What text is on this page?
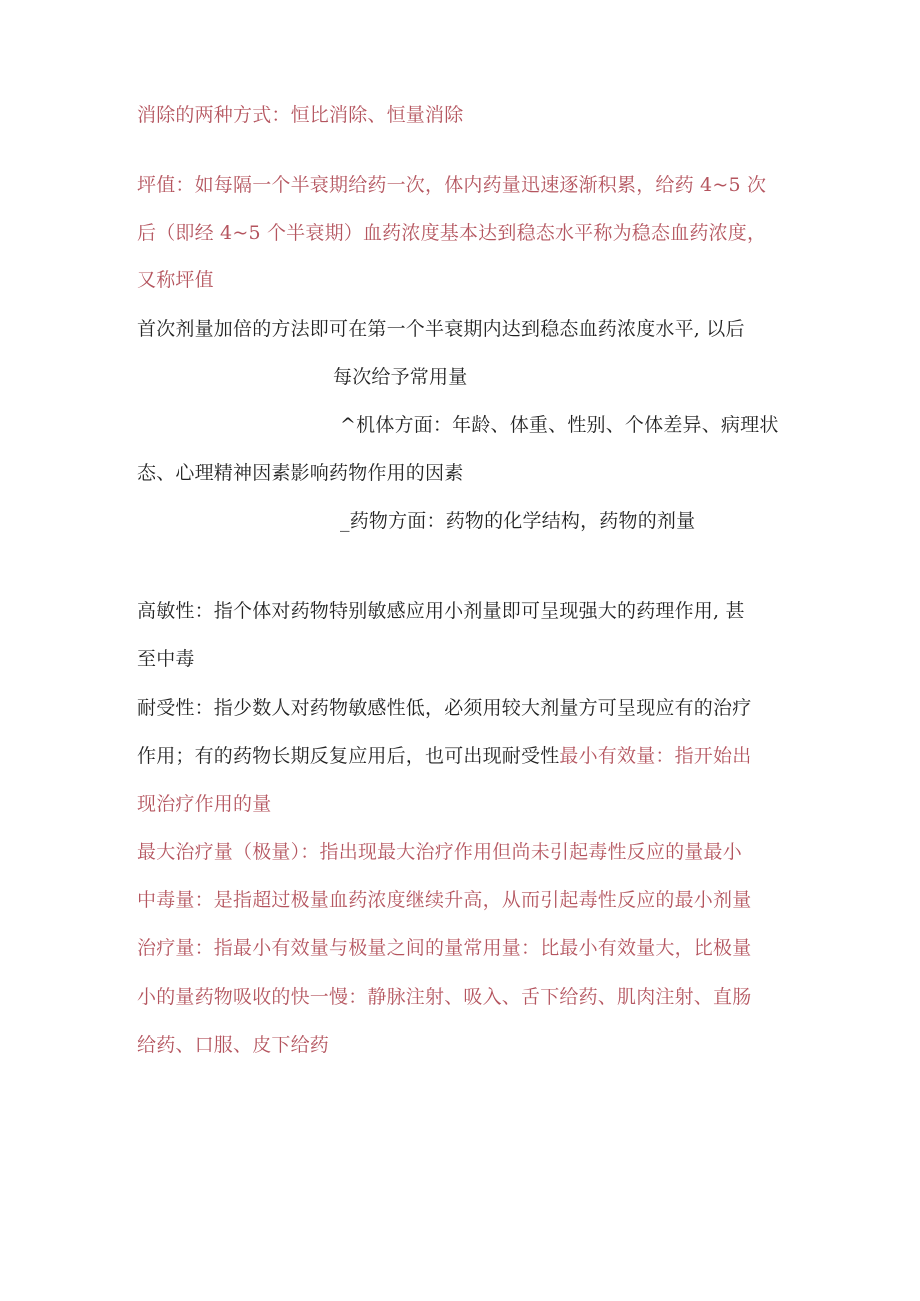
消除的两种方式：恒比消除、恒量消除
坪值：如每隔一个半衰期给药一次，体内药量迅速逐渐积累，给药 4~5 次
后（即经 4~5 个半衰期）血药浓度基本达到稳态水平称为稳态血药浓度，
又称坪值
首次剂量加倍的方法即可在第一个半衰期内达到稳态血药浓度水平, 以后
每次给予常用量
^机体方面：年龄、体重、性别、个体差异、病理状
态、心理精神因素影响药物作用的因素
_药物方面：药物的化学结构，药物的剂量
高敏性：指个体对药物特别敏感应用小剂量即可呈现强大的药理作用, 甚
至中毒
耐受性：指少数人对药物敏感性低，必须用较大剂量方可呈现应有的治疗
作用；有的药物长期反复应用后，也可出现耐受性最小有效量：指开始出
现治疗作用的量
最大治疗量（极量）：指出现最大治疗作用但尚未引起毒性反应的量最小
中毒量：是指超过极量血药浓度继续升高，从而引起毒性反应的最小剂量
治疗量：指最小有效量与极量之间的量常用量：比最小有效量大，比极量
小的量药物吸收的快一慢：静脉注射、吸入、舌下给药、肌肉注射、直肠
给药、口服、皮下给药
